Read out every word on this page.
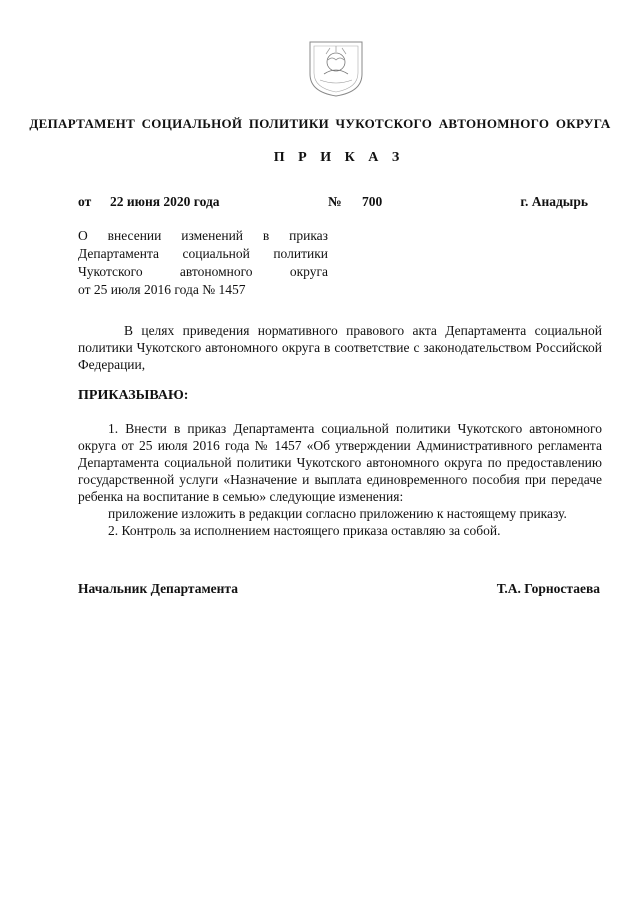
ДЕПАРТАМЕНТ СОЦИАЛЬНОЙ ПОЛИТИКИ ЧУКОТСКОГО АВТОНОМНОГО ОКРУГА
П Р И К А З
от 22 июня 2020 года	№ 700	г. Анадырь
О внесении изменений в приказ
Департамента социальной политики
Чукотского автономного округа
от 25 июля 2016 года № 1457
В целях приведения нормативного правового акта Департамента социальной политики Чукотского автономного округа в соответствие с законодательством Российской Федерации,
ПРИКАЗЫВАЮ:
1. Внести в приказ Департамента социальной политики Чукотского автономного округа от 25 июля 2016 года № 1457 «Об утверждении Административного регламента Департамента социальной политики Чукотского автономного округа по предоставлению государственной услуги «Назначение и выплата единовременного пособия при передаче ребенка на воспитание в семью» следующие изменения:
приложение изложить в редакции согласно приложению к настоящему приказу.
2. Контроль за исполнением настоящего приказа оставляю за собой.
Начальник Департамента	Т.А. Горностаева
